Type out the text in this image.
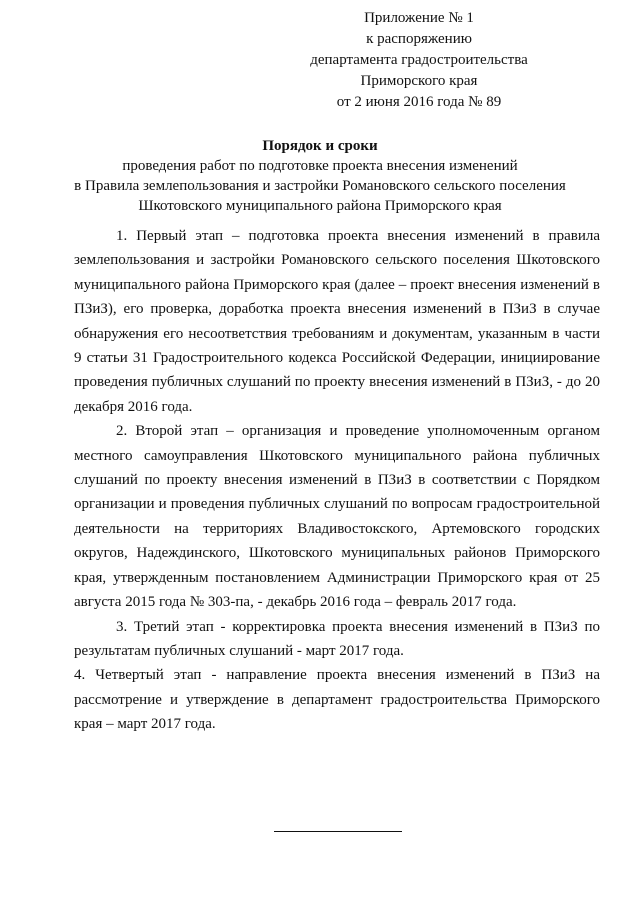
Приложение № 1
к распоряжению
департамента градостроительства
Приморского края
от 2 июня 2016 года № 89
Порядок и сроки
проведения работ по подготовке проекта внесения изменений
в Правила землепользования и застройки Романовского сельского поселения
Шкотовского муниципального района Приморского края

1. Первый этап – подготовка проекта внесения изменений в правила землепользования и застройки Романовского сельского поселения Шкотовского муниципального района Приморского края (далее – проект внесения изменений в ПЗиЗ), его проверка, доработка проекта внесения изменений в ПЗиЗ в случае обнаружения его несоответствия требованиям и документам, указанным в части 9 статьи 31 Градостроительного кодекса Российской Федерации, инициирование проведения публичных слушаний по проекту внесения изменений в ПЗиЗ, - до 20 декабря 2016 года.

2. Второй этап – организация и проведение уполномоченным органом местного самоуправления Шкотовского муниципального района публичных слушаний по проекту внесения изменений в ПЗиЗ в соответствии с Порядком организации и проведения публичных слушаний по вопросам градостроительной деятельности на территориях Владивостокского, Артемовского городских округов, Надеждинского, Шкотовского муниципальных районов Приморского края, утвержденным постановлением Администрации Приморского края от 25 августа 2015 года № 303-па, - декабрь 2016 года – февраль 2017 года.

3. Третий этап - корректировка проекта внесения изменений в ПЗиЗ по результатам публичных слушаний - март 2017 года.

4. Четвертый этап - направление проекта внесения изменений в ПЗиЗ на рассмотрение и утверждение в департамент градостроительства Приморского края – март 2017 года.
